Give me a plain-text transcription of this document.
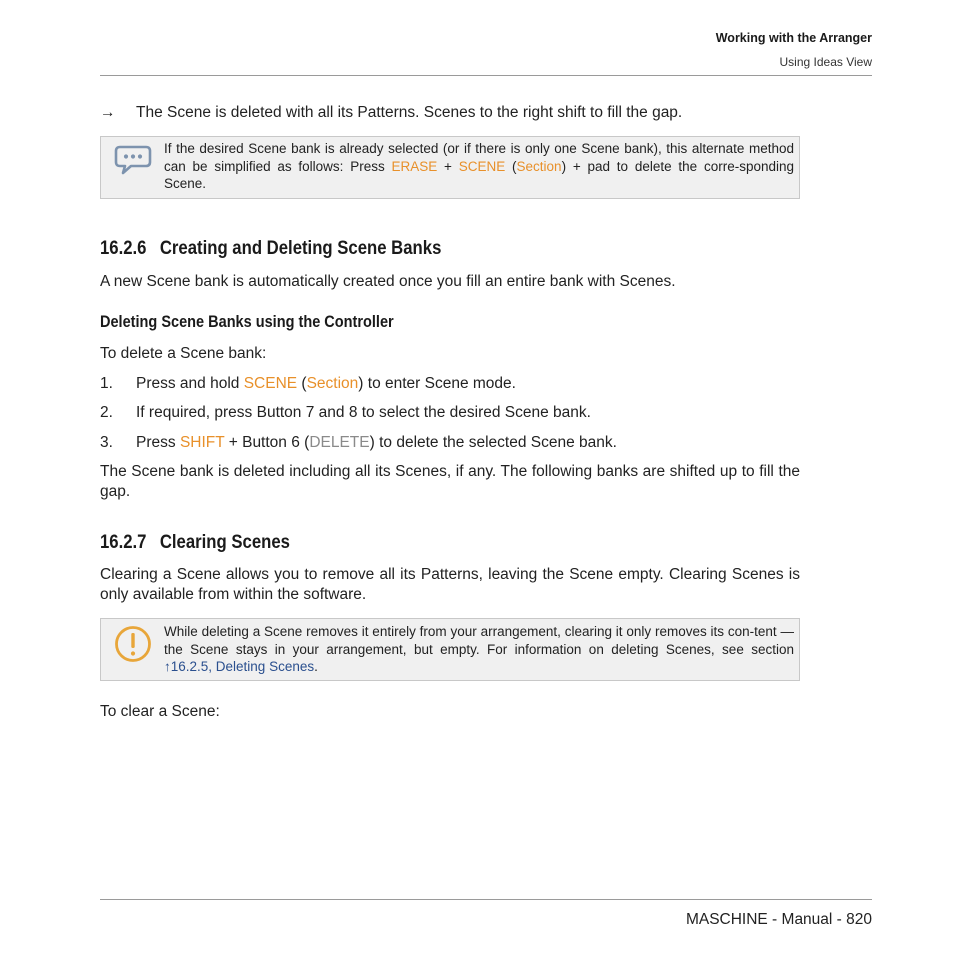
Working with the Arranger
Using Ideas View
→ The Scene is deleted with all its Patterns. Scenes to the right shift to fill the gap.
If the desired Scene bank is already selected (or if there is only one Scene bank), this alternate method can be simplified as follows: Press ERASE + SCENE (Section) + pad to delete the corre-sponding Scene.
16.2.6 Creating and Deleting Scene Banks
A new Scene bank is automatically created once you fill an entire bank with Scenes.
Deleting Scene Banks using the Controller
To delete a Scene bank:
1. Press and hold SCENE (Section) to enter Scene mode.
2. If required, press Button 7 and 8 to select the desired Scene bank.
3. Press SHIFT + Button 6 (DELETE) to delete the selected Scene bank.
The Scene bank is deleted including all its Scenes, if any. The following banks are shifted up to fill the gap.
16.2.7 Clearing Scenes
Clearing a Scene allows you to remove all its Patterns, leaving the Scene empty. Clearing Scenes is only available from within the software.
While deleting a Scene removes it entirely from your arrangement, clearing it only removes its con-tent — the Scene stays in your arrangement, but empty. For information on deleting Scenes, see section ↑16.2.5, Deleting Scenes.
To clear a Scene:
MASCHINE - Manual - 820
